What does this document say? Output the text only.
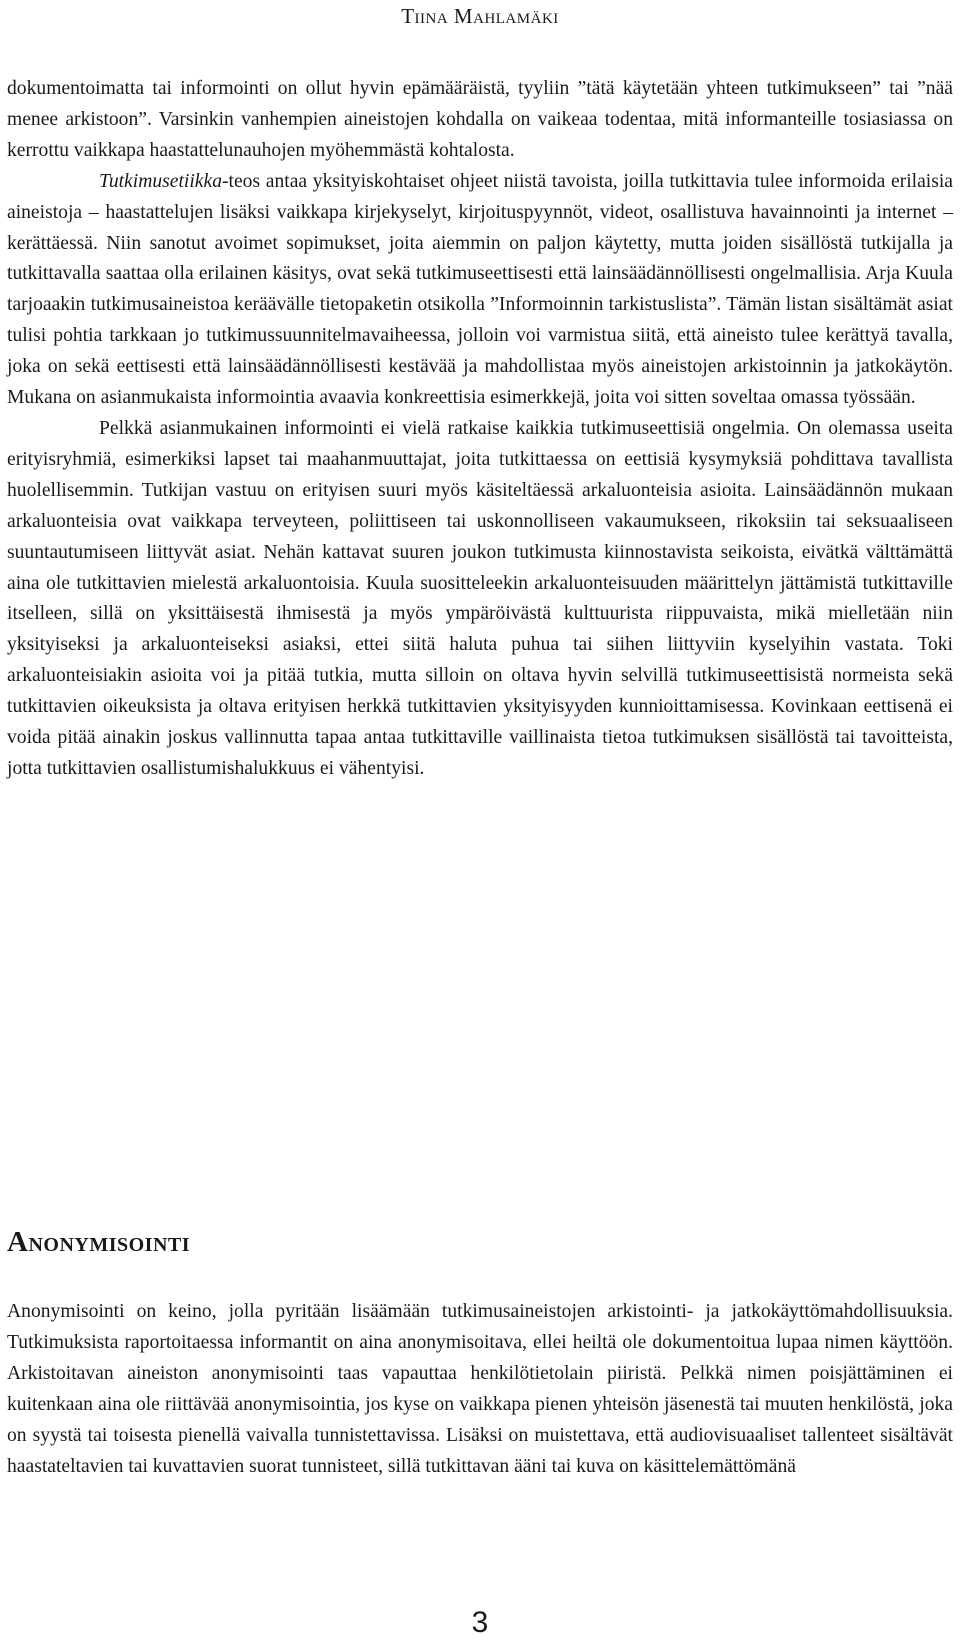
Tiina Mahlamäki

dokumentoimatta tai informointi on ollut hyvin epämääräistä, tyyliin ”tätä käytetään yhteen tutkimukseen” tai ”nää menee arkistoon”. Varsinkin vanhempien aineistojen kohdalla on vaikeaa todentaa, mitä informanteille tosiasiassa on kerrottu vaikkapa haastattelunauhojen myöhemmästä kohtalosta.

Tutkimusetiikka-teos antaa yksityiskohtaiset ohjeet niistä tavoista, joilla tutkittavia tulee informoida erilaisia aineistoja – haastattelujen lisäksi vaikkapa kirjekyselyt, kirjoituspyynnöt, videot, osallistuva havainnointi ja internet – kerättäessä. Niin sanotut avoimet sopimukset, joita aiemmin on paljon käytetty, mutta joiden sisällöstä tutkijalla ja tutkittavalla saattaa olla erilainen käsitys, ovat sekä tutkimuseettisesti että lainsäädännöllisesti ongelmallisia. Arja Kuula tarjoaakin tutkimusaineistoa keräävälle tietopaketin otsikolla ”Informoinnin tarkistuslista”. Tämän listan sisältämät asiat tulisi pohtia tarkkaan jo tutkimussuunnitelmavaiheessa, jolloin voi varmistua siitä, että aineisto tulee kerättyä tavalla, joka on sekä eettisesti että lainsäädännöllisesti kestävää ja mahdollistaa myös aineistojen arkistoinnin ja jatkokäytön. Mukana on asianmukaista informointia avaavia konkreettisia esimerkkejä, joita voi sitten soveltaa omassa työssään.

Pelkkä asianmukainen informointi ei vielä ratkaise kaikkia tutkimuseettisiä ongelmia. On olemassa useita erityisryhmiä, esimerkiksi lapset tai maahanmuuttajat, joita tutkittaessa on eettisiä kysymyksiä pohdittava tavallista huolellisemmin. Tutkijan vastuu on erityisen suuri myös käsiteltäessä arkaluonteisia asioita. Lainsäädännön mukaan arkaluonteisia ovat vaikkapa terveyteen, poliittiseen tai uskonnolliseen vakaumukseen, rikoksiin tai seksuaaliseen suuntautumiseen liittyvät asiat. Nehän kattavat suuren joukon tutkimusta kiinnostavista seikoista, eivätkä välttämättä aina ole tutkittavien mielestä arkaluontoisia. Kuula suositteleekin arkaluonteisuuden määrittelyn jättämistä tutkittaville itselleen, sillä on yksittäisestä ihmisestä ja myös ympäröivästä kulttuurista riippuvaista, mikä mielletään niin yksityiseksi ja arkaluonteiseksi asiaksi, ettei siitä haluta puhua tai siihen liittyviin kyselyihin vastata. Toki arkaluonteisiakin asioita voi ja pitää tutkia, mutta silloin on oltava hyvin selvillä tutkimuseettisistä normeista sekä tutkittavien oikeuksista ja oltava erityisen herkkä tutkittavien yksityisyyden kunnioittamisessa. Kovinkaan eettisenä ei voida pitää ainakin joskus vallinnutta tapaa antaa tutkittaville vaillinaista tietoa tutkimuksen sisällöstä tai tavoitteista, jotta tutkittavien osallistumishalukkuus ei vähentyisi.

Anonymisointi

Anonymisointi on keino, jolla pyritään lisäämään tutkimusaineistojen arkistointi- ja jatkokäyttömahdollisuuksia. Tutkimuksista raportoitaessa informantit on aina anonymisoitava, ellei heiltä ole dokumentoitua lupaa nimen käyttöön. Arkistoitavan aineiston anonymisointi taas vapauttaa henkilötietolain piiristä. Pelkkä nimen poisjättäminen ei kuitenkaan aina ole riittävää anonymisointia, jos kyse on vaikkapa pienen yhteisön jäsenestä tai muuten henkilöstä, joka on syystä tai toisesta pienellä vaivalla tunnistettavissa. Lisäksi on muistettava, että audiovisuaaliset tallenteet sisältävät haastateltavien tai kuvattavien suorat tunnisteet, sillä tutkittavan ääni tai kuva on käsittelemättömänä

3
